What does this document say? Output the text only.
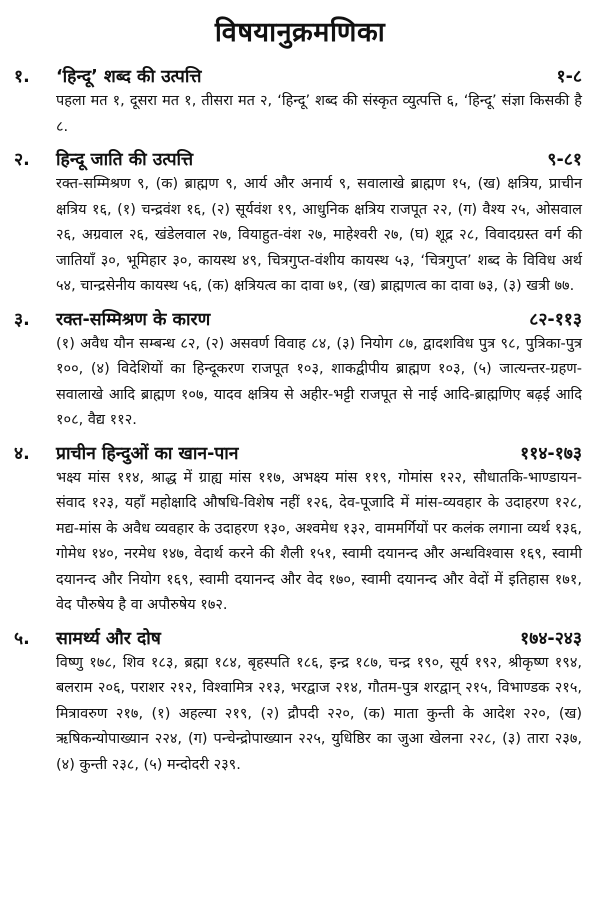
विषयानुक्रमणिका
१.	‘हिन्दू’ शब्द की उत्पत्ति	१-८
पहला मत १, दूसरा मत १, तीसरा मत २, ‘हिन्दू’ शब्द की संस्कृत व्युत्पत्ति ६, ‘हिन्दू’ संज्ञा किसकी है ८.
२.	हिन्दू जाति की उत्पत्ति	९-८१
रक्त-सम्मिश्रण ९, (क) ब्राह्मण ९, आर्य और अनार्य ९, सवालाखे ब्राह्मण १५, (ख) क्षत्रिय, प्राचीन क्षत्रिय १६, (१) चन्द्रवंश १६, (२) सूर्यवंश १९, आधुनिक क्षत्रिय राजपूत २२, (ग) वैश्य २५, ओसवाल २६, अग्रवाल २६, खंडेलवाल २७, वियाहुत-वंश २७, माहेश्वरी २७, (घ) शूद्र २८, विवादग्रस्त वर्ग की जातियाँ ३०, भूमिहार ३०, कायस्थ ४९, चित्रगुप्त-वंशीय कायस्थ ५३, ‘चित्रगुप्त’ शब्द के विविध अर्थ ५४, चान्द्रसेनीय कायस्थ ५६, (क) क्षत्रियत्व का दावा ७१, (ख) ब्राह्मणत्व का दावा ७३, (३) खत्री ७७.
३.	रक्त-सम्मिश्रण के कारण	८२-११३
(१) अवैध यौन सम्बन्ध ८२, (२) असवर्ण विवाह ८४, (३) नियोग ८७, द्वादशविध पुत्र ९८, पुत्रिका-पुत्र १००, (४) विदेशियों का हिन्दूकरण राजपूत १०३, शाकद्वीपीय ब्राह्मण १०३, (५) जात्यन्तर-ग्रहण-सवालाखे आदि ब्राह्मण १०७, यादव क्षत्रिय से अहीर-भट्टी राजपूत से नाई आदि-ब्राह्मणिए बढ़ई आदि १०८, वैद्य ११२.
४.	प्राचीन हिन्दुओं का खान-पान	११४-१७३
भक्ष्य मांस ११४, श्राद्ध में ग्राह्य मांस ११७, अभक्ष्य मांस ११९, गोमांस १२२, सौधातकि-भाण्डायन-संवाद १२३, यहाँ महोक्षादि औषधि-विशेष नहीं १२६, देव-पूजादि में मांस-व्यवहार के उदाहरण १२८, मद्य-मांस के अवैध व्यवहार के उदाहरण १३०, अश्वमेध १३२, वाममर्गियों पर कलंक लगाना व्यर्थ १३६, गोमेध १४०, नरमेध १४७, वेदार्थ करने की शैली १५१, स्वामी दयानन्द और अन्धविश्वास १६९, स्वामी दयानन्द और नियोग १६९, स्वामी दयानन्द और वेद १७०, स्वामी दयानन्द और वेदों में इतिहास १७१, वेद पौरुषेय है वा अपौरुषेय १७२.
५.	सामर्थ्य और दोष	१७४-२४३
विष्णु १७८, शिव १८३, ब्रह्मा १८४, बृहस्पति १८६, इन्द्र १८७, चन्द्र १९०, सूर्य १९२, श्रीकृष्ण १९४, बलराम २०६, पराशर २१२, विश्वामित्र २१३, भरद्वाज २१४, गौतम-पुत्र शरद्वान् २१५, विभाण्डक २१५, मित्रावरुण २१७, (१) अहल्या २१९, (२) द्रौपदी २२०, (क) माता कुन्ती के आदेश २२०, (ख) ऋषिकन्योपाख्यान २२४, (ग) पन्चेन्द्रोपाख्यान २२५, युधिष्ठिर का जुआ खेलना २२८, (३) तारा २३७, (४) कुन्ती २३८, (५) मन्दोदरी २३९.
